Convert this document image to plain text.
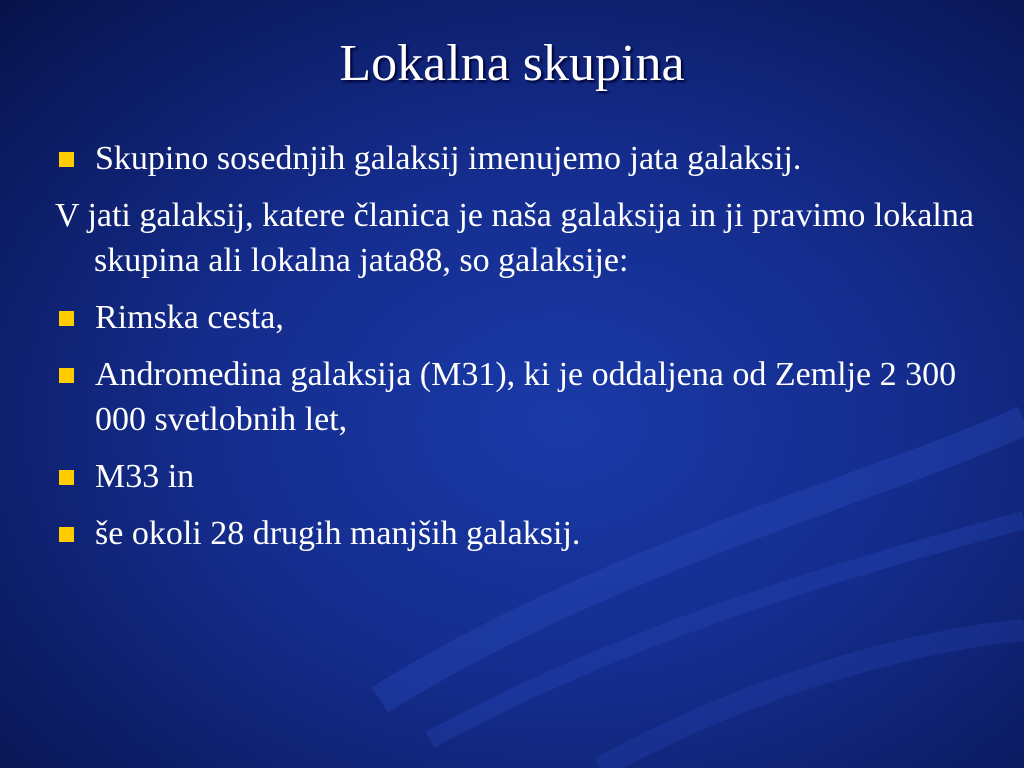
Lokalna skupina
Skupino sosednjih galaksij imenujemo jata galaksij.
V jati galaksij, katere članica je naša galaksija in ji pravimo lokalna skupina ali lokalna jata88, so galaksije:
Rimska cesta,
Andromedina galaksija (M31), ki je oddaljena od Zemlje 2 300 000 svetlobnih let,
M33 in
še okoli 28 drugih manjših galaksij.
